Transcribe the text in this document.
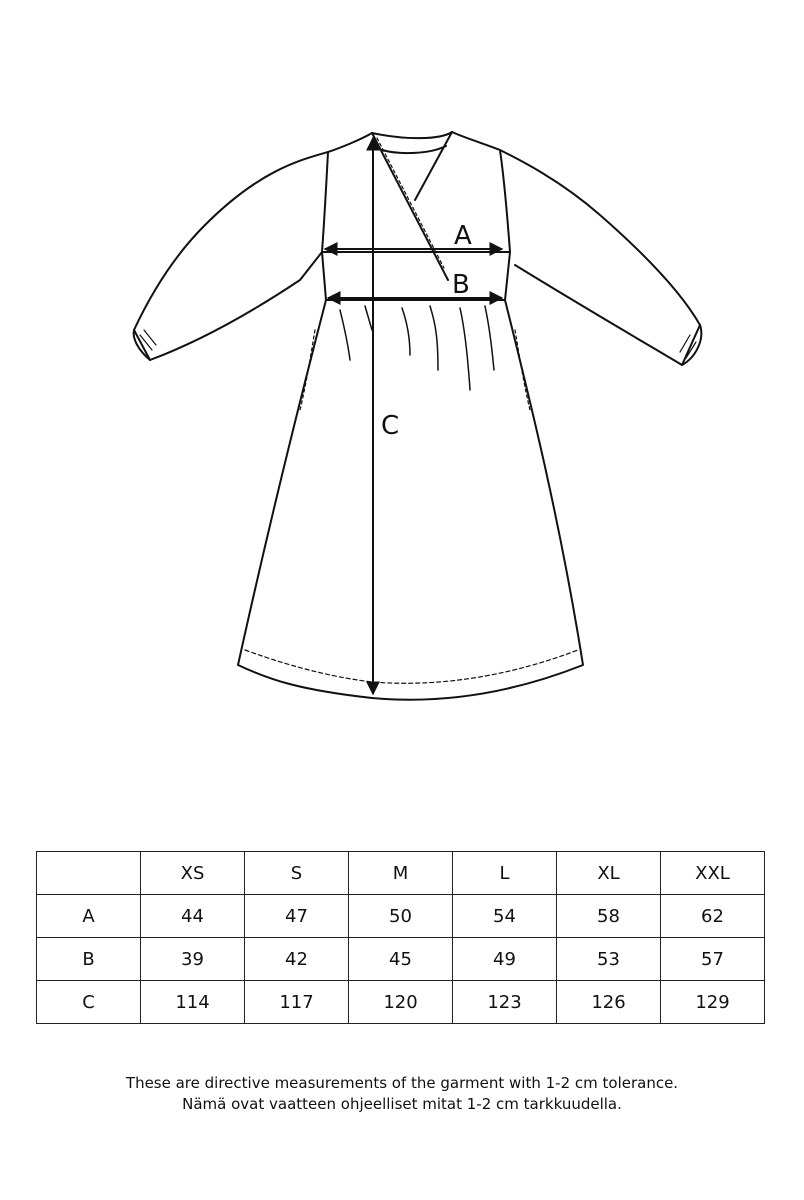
A
B
C
	XS	S	M	L	XL	XXL
A	44	47	50	54	58	62
B	39	42	45	49	53	57
C	114	117	120	123	126	129
These are directive measurements of the garment with 1-2 cm tolerance.
Nämä ovat vaatteen ohjeelliset mitat 1-2 cm tarkkuudella.
